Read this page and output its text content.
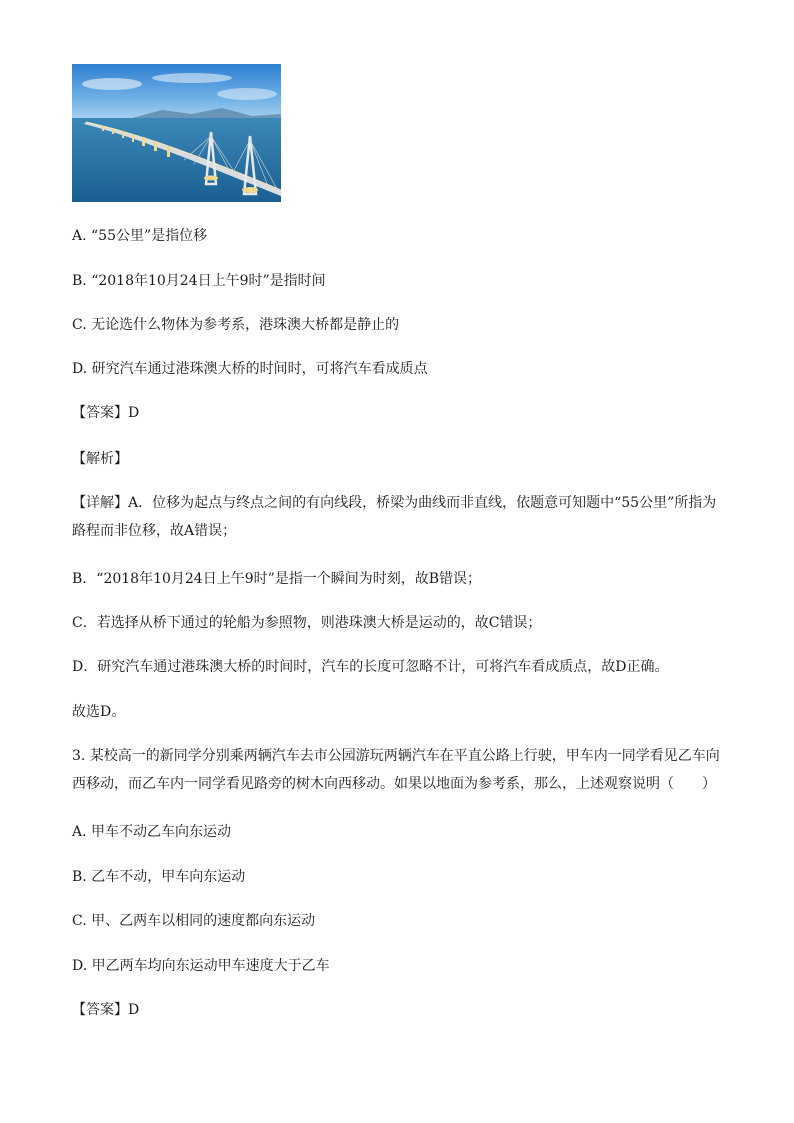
A. “55公里”是指位移
B. “2018年10月24日上午9时”是指时间
C. 无论选什么物体为参考系，港珠澳大桥都是静止的
D. 研究汽车通过港珠澳大桥的时间时，可将汽车看成质点
【答案】D
【解析】
【详解】A．位移为起点与终点之间的有向线段，桥梁为曲线而非直线，依题意可知题中“55公里”所指为路程而非位移，故A错误；
B．“2018年10月24日上午9时”是指一个瞬间为时刻，故B错误；
C．若选择从桥下通过的轮船为参照物，则港珠澳大桥是运动的，故C错误；
D．研究汽车通过港珠澳大桥的时间时，汽车的长度可忽略不计，可将汽车看成质点，故D正确。
故选D。
3. 某校高一的新同学分别乘两辆汽车去市公园游玩两辆汽车在平直公路上行驶，甲车内一同学看见乙车向西移动，而乙车内一同学看见路旁的树木向西移动。如果以地面为参考系，那么，上述观察说明（　　）
A. 甲车不动乙车向东运动
B. 乙车不动，甲车向东运动
C. 甲、乙两车以相同的速度都向东运动
D. 甲乙两车均向东运动甲车速度大于乙车
【答案】D
